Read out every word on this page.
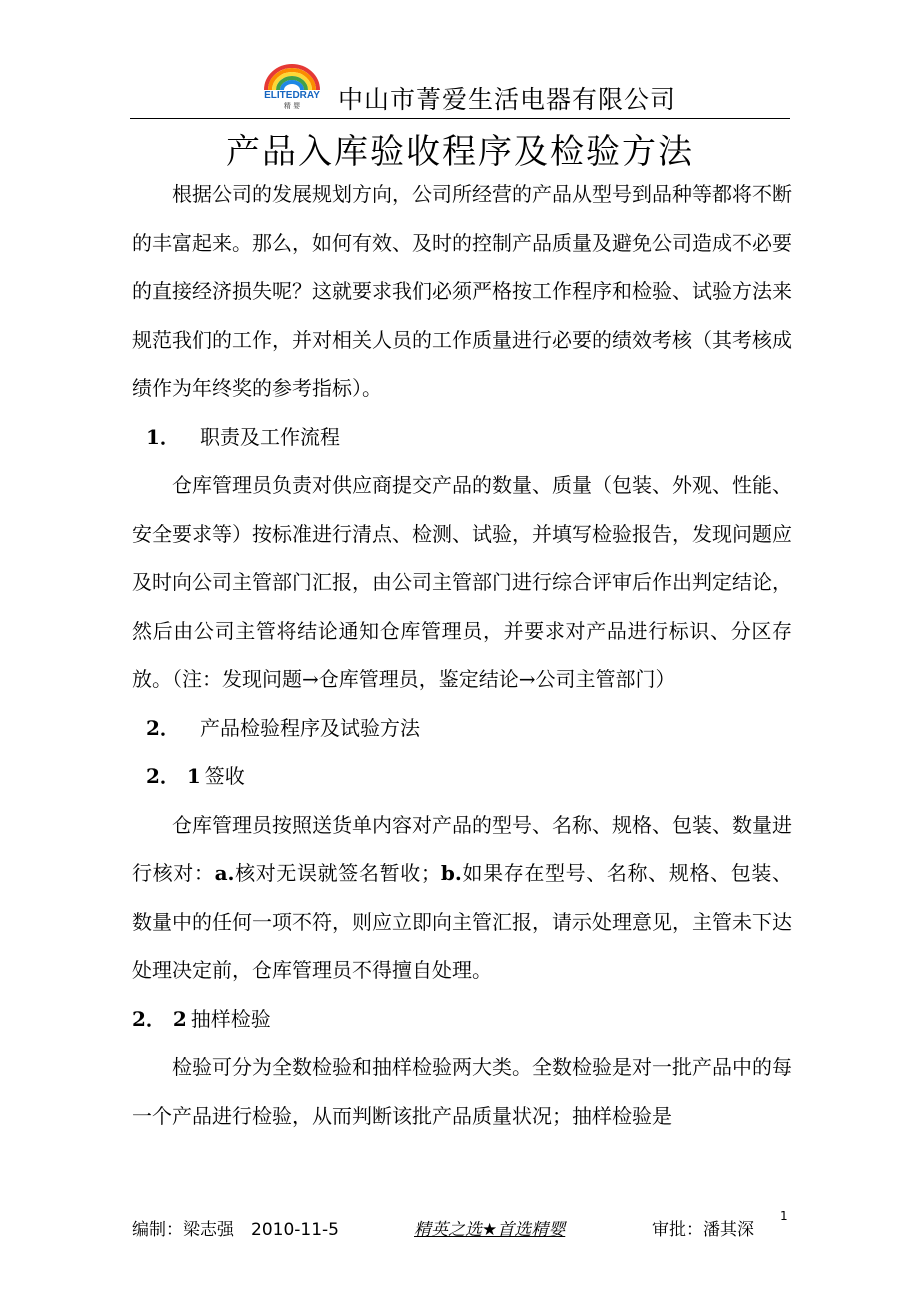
ELITEDRAY
精 婴 中山市菁爱生活电器有限公司
产品入库验收程序及检验方法

根据公司的发展规划方向，公司所经营的产品从型号到品种等都将不断的丰富起来。那么，如何有效、及时的控制产品质量及避免公司造成不必要的直接经济损失呢？这就要求我们必须严格按工作程序和检验、试验方法来规范我们的工作，并对相关人员的工作质量进行必要的绩效考核（其考核成绩作为年终奖的参考指标）。

1． 职责及工作流程

仓库管理员负责对供应商提交产品的数量、质量（包装、外观、性能、安全要求等）按标准进行清点、检测、试验，并填写检验报告，发现问题应及时向公司主管部门汇报，由公司主管部门进行综合评审后作出判定结论，然后由公司主管将结论通知仓库管理员，并要求对产品进行标识、分区存放。（注：发现问题→仓库管理员，鉴定结论→公司主管部门）

2． 产品检验程序及试验方法

2． 1 签收

仓库管理员按照送货单内容对产品的型号、名称、规格、包装、数量进行核对：a.核对无误就签名暂收；b.如果存在型号、名称、规格、包装、数量中的任何一项不符，则应立即向主管汇报，请示处理意见，主管未下达处理决定前，仓库管理员不得擅自处理。

2． 2 抽样检验

检验可分为全数检验和抽样检验两大类。全数检验是对一批产品中的每一个产品进行检验，从而判断该批产品质量状况；抽样检验是

编制：梁志强　2010-11-5	精英之选★首选精婴	审批：潘其深
1
